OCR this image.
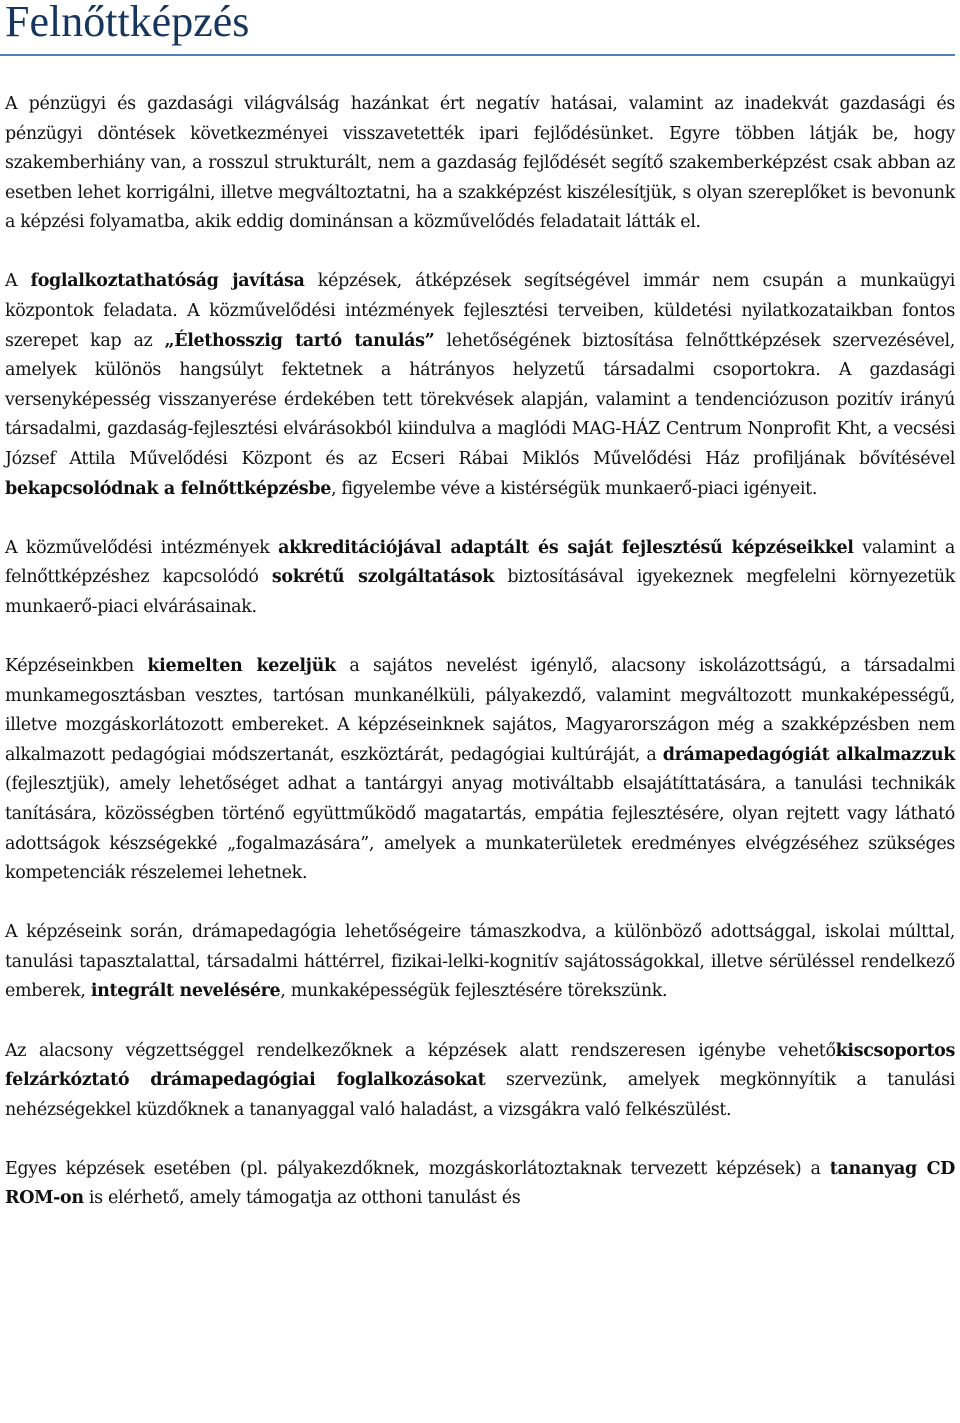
Felnőttképzés

A pénzügyi és gazdasági világválság hazánkat ért negatív hatásai, valamint az inadekvát gazdasági és pénzügyi döntések következményei visszavetették ipari fejlődésünket. Egyre többen látják be, hogy szakemberhiány van, a rosszul strukturált, nem a gazdaság fejlődését segítő szakemberképzést csak abban az esetben lehet korrigálni, illetve megváltoztatni, ha a szakképzést kiszélesítjük, s olyan szereplőket is bevonunk a képzési folyamatba, akik eddig dominánsan a közművelődés feladatait látták el.

A foglalkoztathatóság javítása képzések, átképzések segítségével immár nem csupán a munkaügyi központok feladata. A közművelődési intézmények fejlesztési terveiben, küldetési nyilatkozataikban fontos szerepet kap az „Élethosszig tartó tanulás” lehetőségének biztosítása felnőttképzések szervezésével, amelyek különös hangsúlyt fektetnek a hátrányos helyzetű társadalmi csoportokra. A gazdasági versenyképesség visszanyerése érdekében tett törekvések alapján, valamint a tendenciózuson pozitív irányú társadalmi, gazdaság-fejlesztési elvárásokból kiindulva a maglódi MAG-HÁZ Centrum Nonprofit Kht, a vecsési József Attila Művelődési Központ és az Ecseri Rábai Miklós Művelődési Ház profiljának bővítésével bekapcsolódnak a felnőttképzésbe, figyelembe véve a kistérségük munkaerő-piaci igényeit.

A közművelődési intézmények akkreditációjával adaptált és saját fejlesztésű képzéseikkel valamint a felnőttképzéshez kapcsolódó sokrétű szolgáltatások biztosításával igyekeznek megfelelni környezetük munkaerő-piaci elvárásainak.

Képzéseinkben kiemelten kezeljük a sajátos nevelést igénylő, alacsony iskolázottságú, a társadalmi munkamegosztásban vesztes, tartósan munkanélküli, pályakezdő, valamint megváltozott munkaképességű, illetve mozgáskorlátozott embereket. A képzéseinknek sajátos, Magyarországon még a szakképzésben nem alkalmazott pedagógiai módszertanát, eszköztárát, pedagógiai kultúráját, a drámapedagógiát alkalmazzuk (fejlesztjük), amely lehetőséget adhat a tantárgyi anyag motiváltabb elsajátíttatására, a tanulási technikák tanítására, közösségben történő együttműködő magatartás, empátia fejlesztésére, olyan rejtett vagy látható adottságok készségekké „fogalmazására”, amelyek a munkaterületek eredményes elvégzéséhez szükséges kompetenciák részelemei lehetnek.

A képzéseink során, drámapedagógia lehetőségeire támaszkodva, a különböző adottsággal, iskolai múlttal, tanulási tapasztalattal, társadalmi háttérrel, fizikai-lelki-kognitív sajátosságokkal, illetve sérüléssel rendelkező emberek, integrált nevelésére, munkaképességük fejlesztésére törekszünk.

Az alacsony végzettséggel rendelkezőknek a képzések alatt rendszeresen igénybe vehetőkiscsoportos felzárkóztató drámapedagógiai foglalkozásokat szervezünk, amelyek megkönnyítik a tanulási nehézségekkel küzdőknek a tananyaggal való haladást, a vizsgákra való felkészülést.

Egyes képzések esetében (pl. pályakezdőknek, mozgáskorlátoztaknak tervezett képzések) a tananyag CD ROM-on is elérhető, amely támogatja az otthoni tanulást és
